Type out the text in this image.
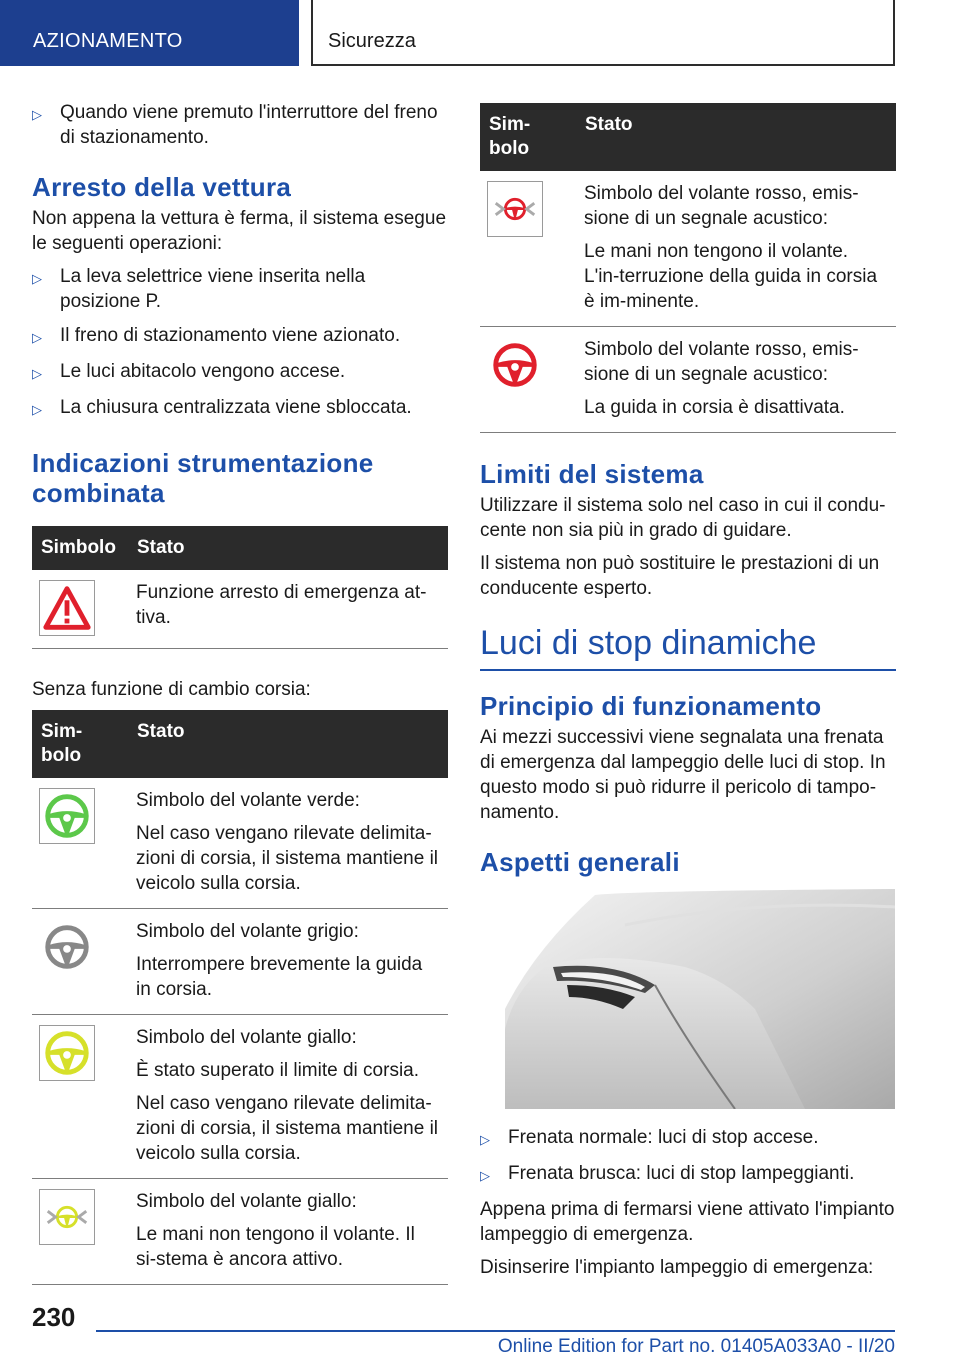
AZIONAMENTO	Sicurezza
▷ Quando viene premuto l'interruttore del freno di stazionamento.
Arresto della vettura
Non appena la vettura è ferma, il sistema esegue le seguenti operazioni:
▷ La leva selettrice viene inserita nella posizione P.
▷ Il freno di stazionamento viene azionato.
▷ Le luci abitacolo vengono accese.
▷ La chiusura centralizzata viene sbloccata.
Indicazioni strumentazione combinata
Simbolo	Stato

Funzione arresto di emergenza at-tiva.
Senza funzione di cambio corsia:
Sim-bolo	Stato

Simbolo del volante verde:
Nel caso vengano rilevate delimita-zioni di corsia, il sistema mantiene il veicolo sulla corsia.

Simbolo del volante grigio:
Interrompere brevemente la guida in corsia.

Simbolo del volante giallo:
È stato superato il limite di corsia.
Nel caso vengano rilevate delimita-zioni di corsia, il sistema mantiene il veicolo sulla corsia.

Simbolo del volante giallo:
Le mani non tengono il volante. Il si-stema è ancora attivo.
Sim-bolo	Stato

Simbolo del volante rosso, emis-sione di un segnale acustico:
Le mani non tengono il volante. L'in-terruzione della guida in corsia è im-minente.

Simbolo del volante rosso, emis-sione di un segnale acustico:
La guida in corsia è disattivata.
Limiti del sistema
Utilizzare il sistema solo nel caso in cui il condu-cente non sia più in grado di guidare.
Il sistema non può sostituire le prestazioni di un conducente esperto.
Luci di stop dinamiche
Principio di funzionamento
Ai mezzi successivi viene segnalata una frenata di emergenza dal lampeggio delle luci di stop. In questo modo si può ridurre il pericolo di tampo-namento.
Aspetti generali
▷ Frenata normale: luci di stop accese.
▷ Frenata brusca: luci di stop lampeggianti.
Appena prima di fermarsi viene attivato l'impianto lampeggio di emergenza.
Disinserire l'impianto lampeggio di emergenza:
230
Online Edition for Part no. 01405A033A0 - II/20
